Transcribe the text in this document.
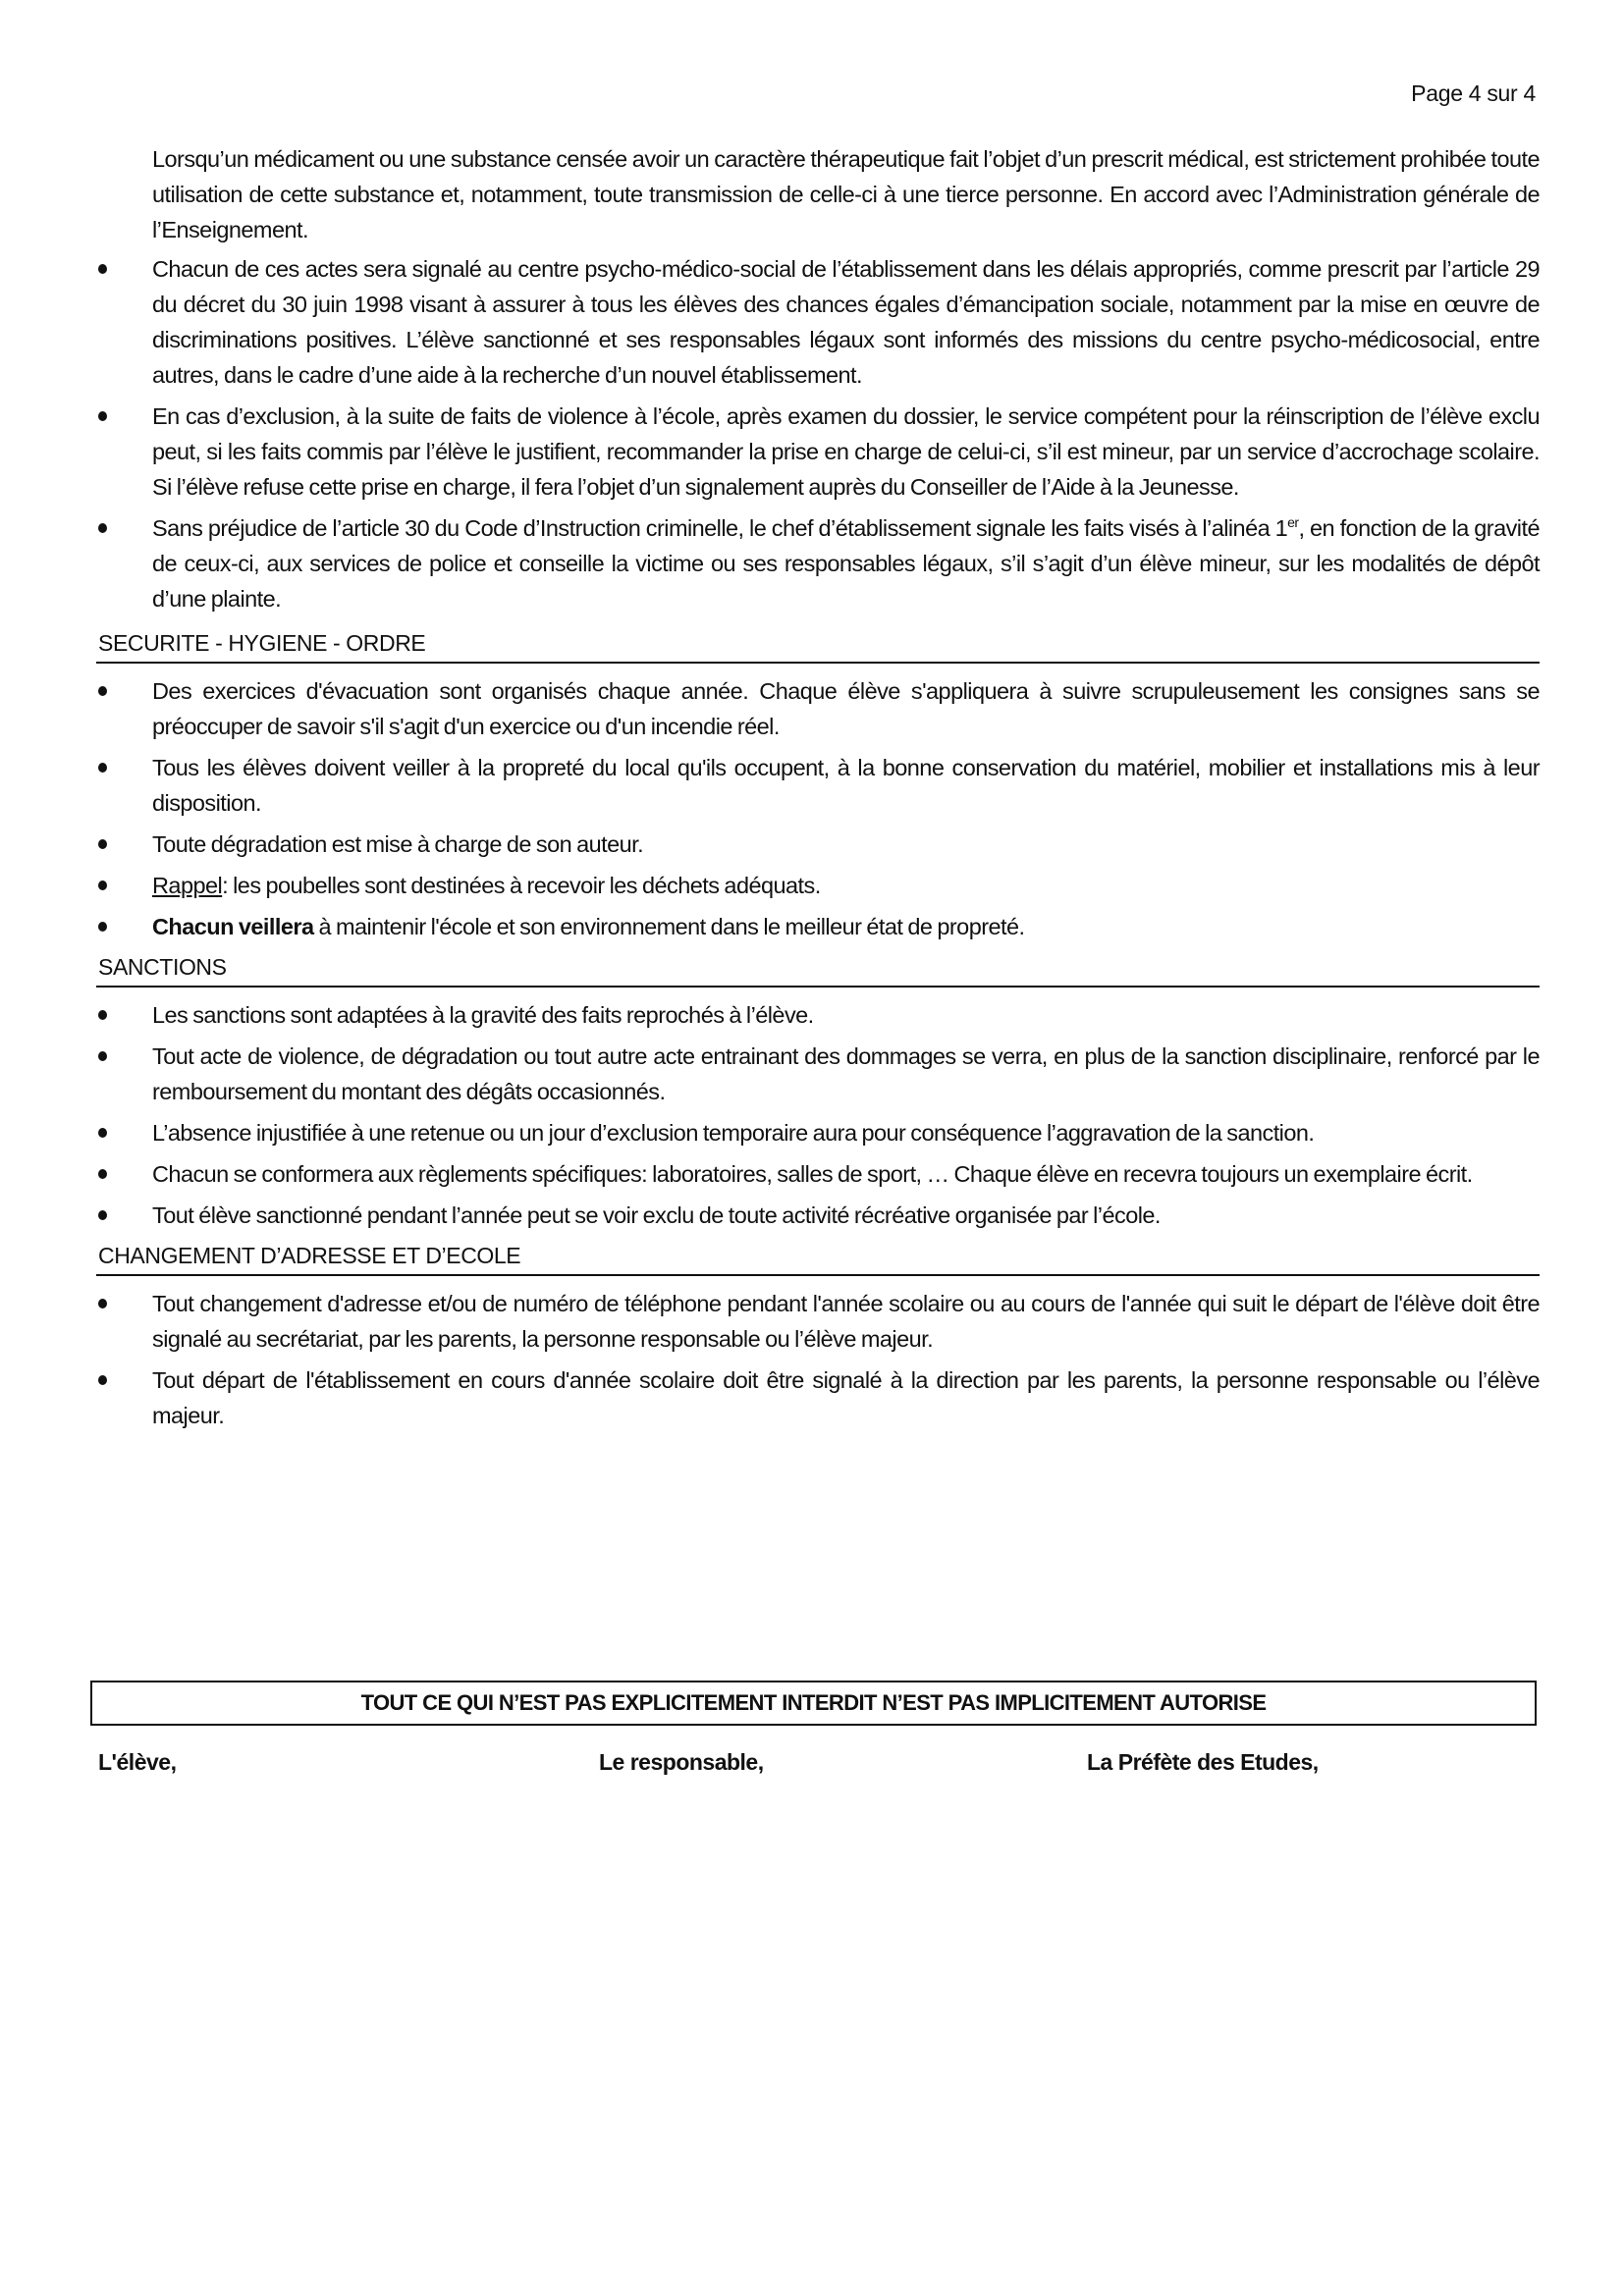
Page 4 sur 4

Lorsqu’un médicament ou une substance censée avoir un caractère thérapeutique fait l’objet d’un prescrit médical, est strictement prohibée toute utilisation de cette substance et, notamment, toute transmission de celle-ci à une tierce personne. En accord avec l’Administration générale de l’Enseignement.

Chacun de ces actes sera signalé au centre psycho-médico-social de l’établissement dans les délais appropriés, comme prescrit par l’article 29 du décret du 30 juin 1998 visant à assurer à tous les élèves des chances égales d’émancipation sociale, notamment par la mise en œuvre de discriminations positives. L’élève sanctionné et ses responsables légaux sont informés des missions du centre psycho-médicosocial, entre autres, dans le cadre d’une aide à la recherche d’un nouvel établissement.
En cas d’exclusion, à la suite de faits de violence à l’école, après examen du dossier, le service compétent pour la réinscription de l’élève exclu peut, si les faits commis par l’élève le justifient, recommander la prise en charge de celui-ci, s’il est mineur, par un service d’accrochage scolaire. Si l’élève refuse cette prise en charge, il fera l’objet d’un signalement auprès du Conseiller de l’Aide à la Jeunesse.
Sans préjudice de l’article 30 du Code d’Instruction criminelle, le chef d’établissement signale les faits visés à l’alinéa 1er, en fonction de la gravité de ceux-ci, aux services de police et conseille la victime ou ses responsables légaux, s’il s’agit d’un élève mineur, sur les modalités de dépôt d’une plainte.
SECURITE - HYGIENE - ORDRE
Des exercices d'évacuation sont organisés chaque année. Chaque élève s'appliquera à suivre scrupuleusement les consignes sans se préoccuper de savoir s'il s'agit d'un exercice ou d'un incendie réel.
Tous les élèves doivent veiller à la propreté du local qu'ils occupent, à la bonne conservation du matériel, mobilier et installations mis à leur disposition.
Toute dégradation est mise à charge de son auteur.
Rappel: les poubelles sont destinées à recevoir les déchets adéquats.
Chacun veillera à maintenir l'école et son environnement dans le meilleur état de propreté.
SANCTIONS
Les sanctions sont adaptées à la gravité des faits reprochés à l’élève.
Tout acte de violence, de dégradation ou tout autre acte entrainant des dommages se verra, en plus de la sanction disciplinaire, renforcé par le remboursement du montant des dégâts occasionnés.
L’absence injustifiée à une retenue ou un jour d’exclusion temporaire aura pour conséquence l’aggravation de la sanction.
Chacun se conformera aux règlements spécifiques: laboratoires, salles de sport, … Chaque élève en recevra toujours un exemplaire écrit.
Tout élève sanctionné pendant l’année peut se voir exclu de toute activité récréative organisée par l’école.
CHANGEMENT D’ADRESSE ET D’ECOLE
Tout changement d'adresse et/ou de numéro de téléphone pendant l'année scolaire ou au cours de l'année qui suit le départ de l'élève doit être signalé au secrétariat, par les parents, la personne responsable ou l’élève majeur.
Tout départ de l'établissement en cours d'année scolaire doit être signalé à la direction par les parents, la personne responsable ou l’élève majeur.
TOUT CE QUI N’EST PAS EXPLICITEMENT INTERDIT N’EST PAS IMPLICITEMENT AUTORISE
L'élève,	Le responsable,	La Préfète des Etudes,
